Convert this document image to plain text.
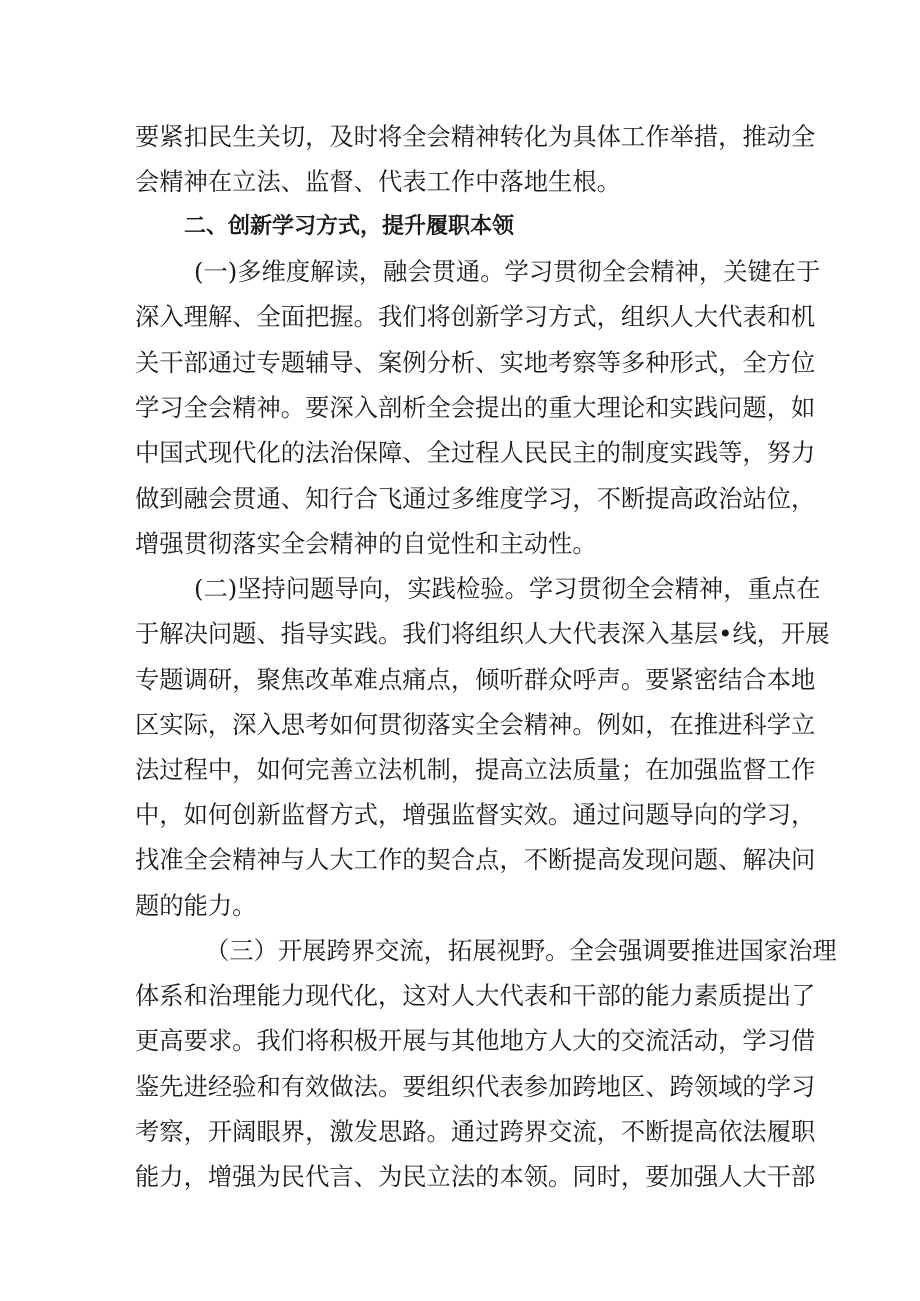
要紧扣民生关切，及时将全会精神转化为具体工作举措，推动全
会精神在立法、监督、代表工作中落地生根。
二、创新学习方式，提升履职本领
(一)多维度解读，融会贯通。学习贯彻全会精神，关键在于
深入理解、全面把握。我们将创新学习方式，组织人大代表和机
关干部通过专题辅导、案例分析、实地考察等多种形式，全方位
学习全会精神。要深入剖析全会提出的重大理论和实践问题，如
中国式现代化的法治保障、全过程人民民主的制度实践等，努力
做到融会贯通、知行合飞通过多维度学习，不断提高政治站位，
增强贯彻落实全会精神的自觉性和主动性。
(二)坚持问题导向，实践检验。学习贯彻全会精神，重点在
于解决问题、指导实践。我们将组织人大代表深入基层•线，开展
专题调研，聚焦改革难点痛点，倾听群众呼声。要紧密结合本地
区实际，深入思考如何贯彻落实全会精神。例如，在推进科学立
法过程中，如何完善立法机制，提高立法质量；在加强监督工作
中，如何创新监督方式，增强监督实效。通过问题导向的学习，
找准全会精神与人大工作的契合点，不断提高发现问题、解决问
题的能力。
（三）开展跨界交流，拓展视野。全会强调要推进国家治理
体系和治理能力现代化，这对人大代表和干部的能力素质提出了
更高要求。我们将积极开展与其他地方人大的交流活动，学习借
鉴先进经验和有效做法。要组织代表参加跨地区、跨领域的学习
考察，开阔眼界，激发思路。通过跨界交流，不断提高依法履职
能力，增强为民代言、为民立法的本领。同时，要加强人大干部
